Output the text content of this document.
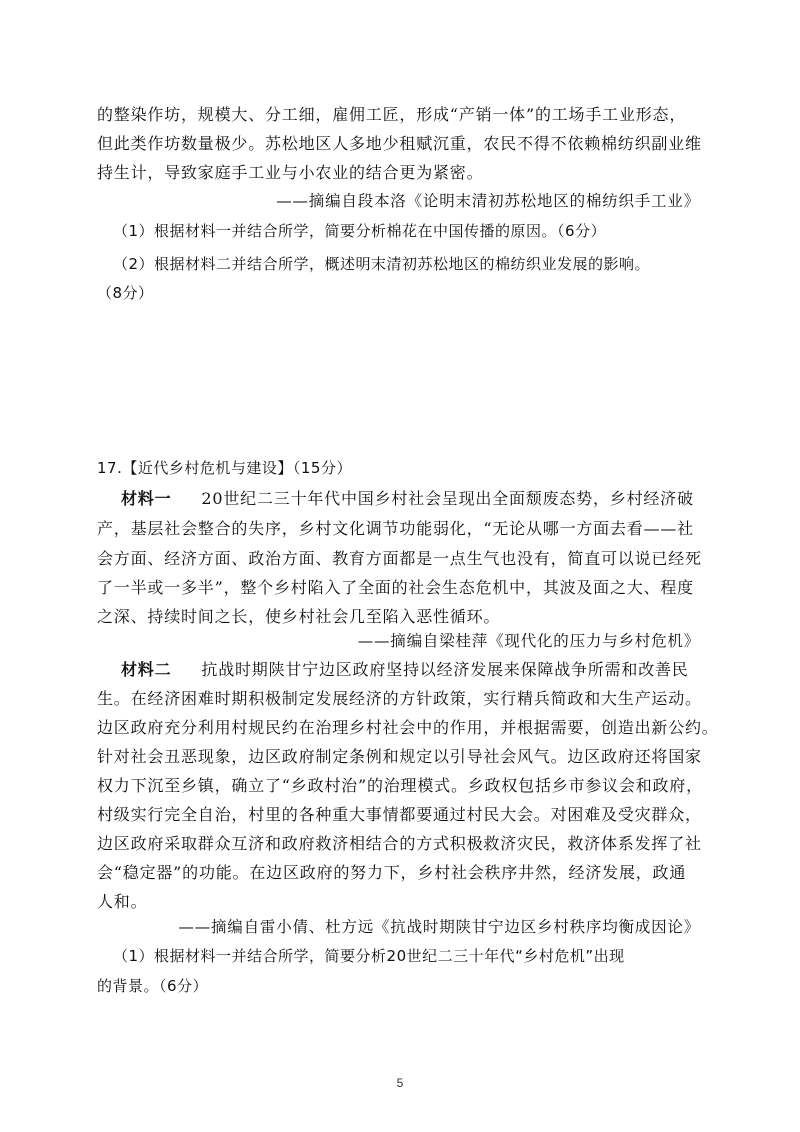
的整染作坊，规模大、分工细，雇佣工匠，形成“产销一体”的工场手工业形态，
但此类作坊数量极少。苏松地区人多地少租赋沉重，农民不得不依赖棉纺织副业维
持生计，导致家庭手工业与小农业的结合更为紧密。
——摘编自段本洛《论明末清初苏松地区的棉纺织手工业》
（1）根据材料一并结合所学，简要分析棉花在中国传播的原因。（6分）
（2）根据材料二并结合所学，概述明末清初苏松地区的棉纺织业发展的影响。
（8分）
17.【近代乡村危机与建设】（15分）
材料一 20世纪二三十年代中国乡村社会呈现出全面颓废态势，乡村经济破
产，基层社会整合的失序，乡村文化调节功能弱化，“无论从哪一方面去看——社
会方面、经济方面、政治方面、教育方面都是一点生气也没有，简直可以说已经死
了一半或一多半”，整个乡村陷入了全面的社会生态危机中，其波及面之大、程度
之深、持续时间之长，使乡村社会几至陷入恶性循环。
——摘编自梁桂萍《现代化的压力与乡村危机》
材料二 抗战时期陕甘宁边区政府坚持以经济发展来保障战争所需和改善民
生。在经济困难时期积极制定发展经济的方针政策，实行精兵简政和大生产运动。
边区政府充分利用村规民约在治理乡村社会中的作用，并根据需要，创造出新公约。
针对社会丑恶现象，边区政府制定条例和规定以引导社会风气。边区政府还将国家
权力下沉至乡镇，确立了“乡政村治”的治理模式。乡政权包括乡市参议会和政府，
村级实行完全自治，村里的各种重大事情都要通过村民大会。对困难及受灾群众，
边区政府采取群众互济和政府救济相结合的方式积极救济灾民，救济体系发挥了社
会“稳定器”的功能。在边区政府的努力下，乡村社会秩序井然，经济发展，政通
人和。
——摘编自雷小倩、杜方远《抗战时期陕甘宁边区乡村秩序均衡成因论》
（1）根据材料一并结合所学，简要分析20世纪二三十年代“乡村危机”出现
的背景。（6分）
5
